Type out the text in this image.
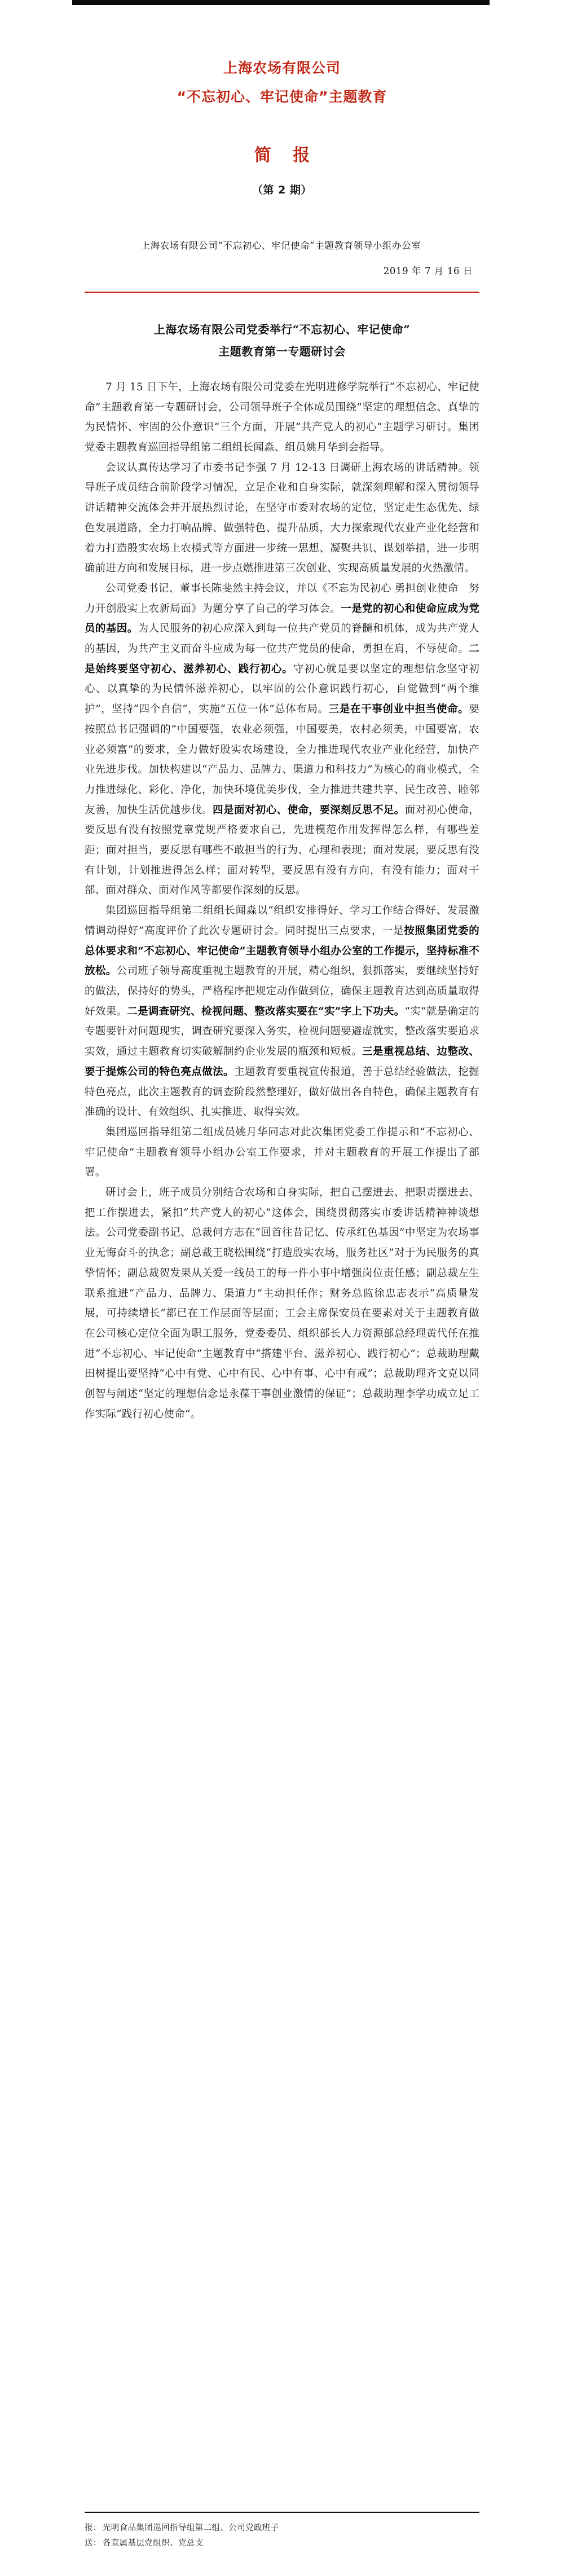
上海农场有限公司
“不忘初心、牢记使命”主题教育
简 报
（第 2 期）
上海农场有限公司“不忘初心、牢记使命”主题教育领导小组办公室
2019 年 7 月 16 日
上海农场有限公司党委举行“不忘初心、牢记使命”
主题教育第一专题研讨会

7 月 15 日下午，上海农场有限公司党委在光明进修学院举行“不忘初心、牢记使命”主题教育第一专题研讨会，公司领导班子全体成员围绕“坚定的理想信念、真挚的为民情怀、牢固的公仆意识”三个方面，开展“共产党人的初心”主题学习研讨。集团党委主题教育巡回指导组第二组组长闻淼、组员姚月华到会指导。

会议认真传达学习了市委书记李强 7 月 12-13 日调研上海农场的讲话精神。领导班子成员结合前阶段学习情况，立足企业和自身实际，就深刻理解和深入贯彻领导讲话精神交流体会并开展热烈讨论，在坚守市委对农场的定位，坚定走生态优先、绿色发展道路，全力打响品牌、做强特色、提升品质，大力探索现代农业产业化经营和着力打造殷实农场上农模式等方面进一步统一思想、凝聚共识、谋划举措，进一步明确前进方向和发展目标，进一步点燃推进第三次创业、实现高质量发展的火热激情。

公司党委书记、董事长陈斐然主持会议，并以《不忘为民初心 勇担创业使命　努力开创殷实上农新局面》为题分享了自己的学习体会。一是党的初心和使命应成为党员的基因。为人民服务的初心应深入到每一位共产党员的脊髓和机体，成为共产党人的基因，为共产主义而奋斗应成为每一位共产党员的使命，勇担在肩，不辱使命。二是始终要坚守初心、滋养初心、践行初心。守初心就是要以坚定的理想信念坚守初心、以真挚的为民情怀滋养初心，以牢固的公仆意识践行初心，自觉做到“两个维护”，坚持“四个自信”，实施“五位一体”总体布局。三是在干事创业中担当使命。要按照总书记强调的“中国要强，农业必须强，中国要美，农村必须美，中国要富，农业必须富”的要求，全力做好殷实农场建设，全力推进现代农业产业化经营，加快产业先进步伐。加快构建以“产品力、品牌力、渠道力和科技力”为核心的商业模式，全力推进绿化、彩化、净化，加快环境优美步伐，全力推进共建共享、民生改善、睦邻友善，加快生活优越步伐。四是面对初心、使命，要深刻反思不足。面对初心使命，要反思有没有按照党章党规严格要求自己，先进模范作用发挥得怎么样，有哪些差距；面对担当，要反思有哪些不敢担当的行为、心理和表现；面对发展，要反思有没有计划，计划推进得怎么样；面对转型，要反思有没有方向，有没有能力；面对干部、面对群众、面对作风等都要作深刻的反思。

集团巡回指导组第二组组长闻淼以“组织安排得好、学习工作结合得好、发展激情调动得好”高度评价了此次专题研讨会。同时提出三点要求，一是按照集团党委的总体要求和“不忘初心、牢记使命”主题教育领导小组办公室的工作提示，坚持标准不放松。公司班子领导高度重视主题教育的开展，精心组织，狠抓落实，要继续坚持好的做法，保持好的势头，严格程序把规定动作做到位，确保主题教育达到高质量取得好效果。二是调查研究、检视问题、整改落实要在“实”字上下功夫。“实”就是确定的专题要针对问题现实，调查研究要深入务实，检视问题要避虚就实，整改落实要追求实效，通过主题教育切实破解制约企业发展的瓶颈和短板。三是重视总结、边整改、要于提炼公司的特色亮点做法。主题教育要重视宣传报道，善于总结经验做法，挖掘特色亮点，此次主题教育的调查阶段然整理好，做好做出各自特色，确保主题教育有准确的设计、有效组织、扎实推进、取得实效。

集团巡回指导组第二组成员姚月华同志对此次集团党委工作提示和“不忘初心、牢记使命”主题教育领导小组办公室工作要求，并对主题教育的开展工作提出了部署。

研讨会上，班子成员分别结合农场和自身实际，把自己摆进去、把职责摆进去、把工作摆进去，紧扣“共产党人的初心”这体会，围绕贯彻落实市委讲话精神神谈想法。公司党委副书记、总裁何方志在“回首往昔记忆、传承红色基因”中坚定为农场事业无悔奋斗的执念；副总裁王晓松围绕“打造殷实农场，服务社区”对于为民服务的真挚情怀；副总裁贺发果从关爱一线员工的每一件小事中增强岗位责任感；副总裁左生联系推进“产品力、品牌力、渠道力”主动担任作；财务总监徐忠志表示“高质量发展，可持续增长”都已在工作层面等层面；工会主席保安员在要素对关于主题教育做在公司核心定位全面为职工服务，党委委员、组织部长人力资源部总经理黄代任在推进“不忘初心、牢记使命”主题教育中“搭建平台、滋养初心、践行初心”；总裁助理戴田树提出要坚持“心中有党、心中有民、心中有事、心中有戒”；总裁助理齐文克以同创智与阐述“坚定的理想信念是永葆干事创业激情的保证”；总裁助理李学功成立足工作实际“践行初心使命”。

报： 光明食品集团巡回指导组第二组、公司党政班子
送： 各直属基层党组织、党总支
